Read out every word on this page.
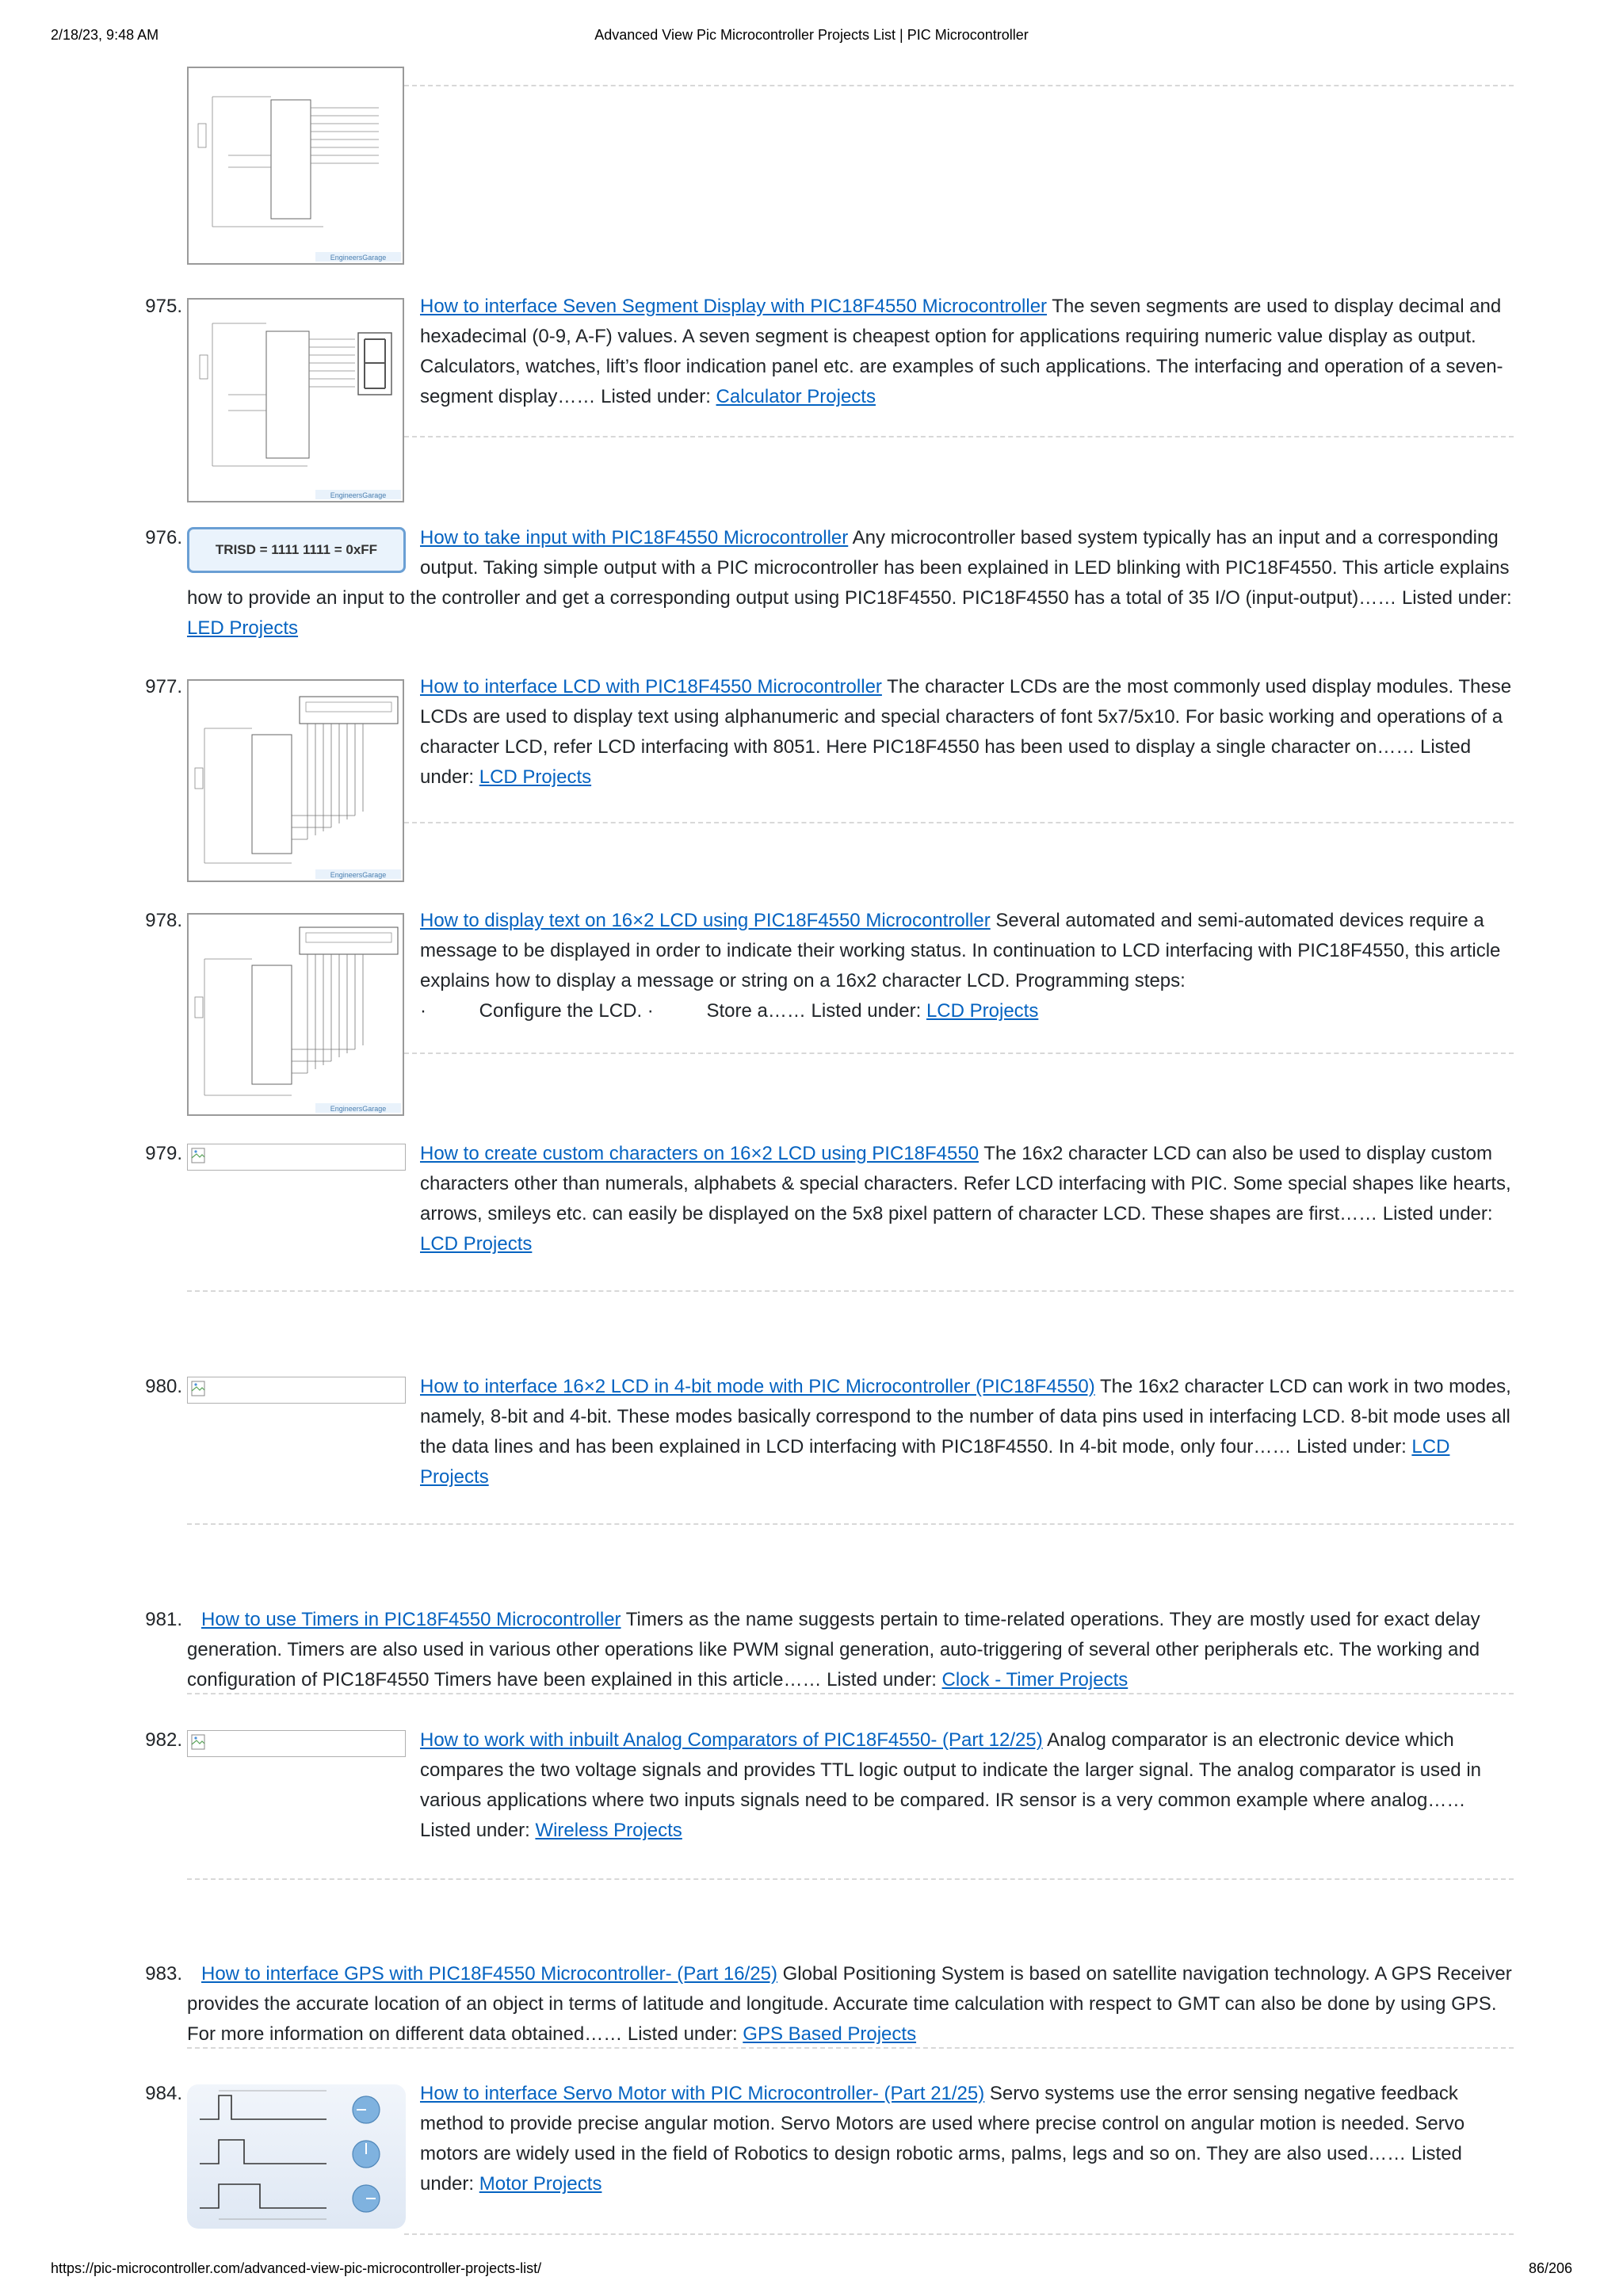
2/18/23, 9:48 AM	Advanced View Pic Microcontroller Projects List | PIC Microcontroller
EngineersGarage
975.	How to interface Seven Segment Display with PIC18F4550 Microcontroller The seven segments are used to display decimal and hexadecimal (0-9, A-F) values. A seven segment is cheapest option for applications requiring numeric value display as output. Calculators, watches, lift’s floor indication panel etc. are examples of such applications. The interfacing and operation of a seven-segment display…… Listed under: Calculator Projects
EngineersGarage
976.	How to take input with PIC18F4550 Microcontroller Any microcontroller based system typically has an input and a corresponding output. Taking simple output with a PIC microcontroller has been explained in LED blinking with PIC18F4550. This article explains how to provide an input to the controller and get a corresponding output using PIC18F4550. PIC18F4550 has a total of 35 I/O (input-output)…… Listed under: LED Projects
TRISD = 1111 1111 = 0xFF
977.	How to interface LCD with PIC18F4550 Microcontroller The character LCDs are the most commonly used display modules. These LCDs are used to display text using alphanumeric and special characters of font 5x7/5x10. For basic working and operations of a character LCD, refer LCD interfacing with 8051. Here PIC18F4550 has been used to display a single character on…… Listed under: LCD Projects
EngineersGarage
978.	How to display text on 16×2 LCD using PIC18F4550 Microcontroller Several automated and semi-automated devices require a message to be displayed in order to indicate their working status. In continuation to LCD interfacing with PIC18F4550, this article explains how to display a message or string on a 16x2 character LCD. Programming steps:
·          Configure the LCD. ·          Store a…… Listed under: LCD Projects
EngineersGarage
979.	How to create custom characters on 16×2 LCD using PIC18F4550 The 16x2 character LCD can also be used to display custom characters other than numerals, alphabets & special characters. Refer LCD interfacing with PIC. Some special shapes like hearts, arrows, smileys etc. can easily be displayed on the 5x8 pixel pattern of character LCD. These shapes are first…… Listed under: LCD Projects
980.	How to interface 16×2 LCD in 4-bit mode with PIC Microcontroller (PIC18F4550) The 16x2 character LCD can work in two modes, namely, 8-bit and 4-bit. These modes basically correspond to the number of data pins used in interfacing LCD. 8-bit mode uses all the data lines and has been explained in LCD interfacing with PIC18F4550. In 4-bit mode, only four…… Listed under: LCD Projects
981.	How to use Timers in PIC18F4550 Microcontroller Timers as the name suggests pertain to time-related operations. They are mostly used for exact delay generation. Timers are also used in various other operations like PWM signal generation, auto-triggering of several other peripherals etc. The working and configuration of PIC18F4550 Timers have been explained in this article…… Listed under: Clock - Timer Projects
982.	How to work with inbuilt Analog Comparators of PIC18F4550- (Part 12/25) Analog comparator is an electronic device which compares the two voltage signals and provides TTL logic output to indicate the larger signal. The analog comparator is used in various applications where two inputs signals need to be compared. IR sensor is a very common example where analog…… Listed under: Wireless Projects
983.	How to interface GPS with PIC18F4550 Microcontroller- (Part 16/25) Global Positioning System is based on satellite navigation technology. A GPS Receiver provides the accurate location of an object in terms of latitude and longitude. Accurate time calculation with respect to GMT can also be done by using GPS. For more information on different data obtained…… Listed under: GPS Based Projects
984.	How to interface Servo Motor with PIC Microcontroller- (Part 21/25) Servo systems use the error sensing negative feedback method to provide precise angular motion. Servo Motors are used where precise control on angular motion is needed. Servo motors are widely used in the field of Robotics to design robotic arms, palms, legs and so on. They are also used…… Listed under: Motor Projects
https://pic-microcontroller.com/advanced-view-pic-microcontroller-projects-list/	86/206
